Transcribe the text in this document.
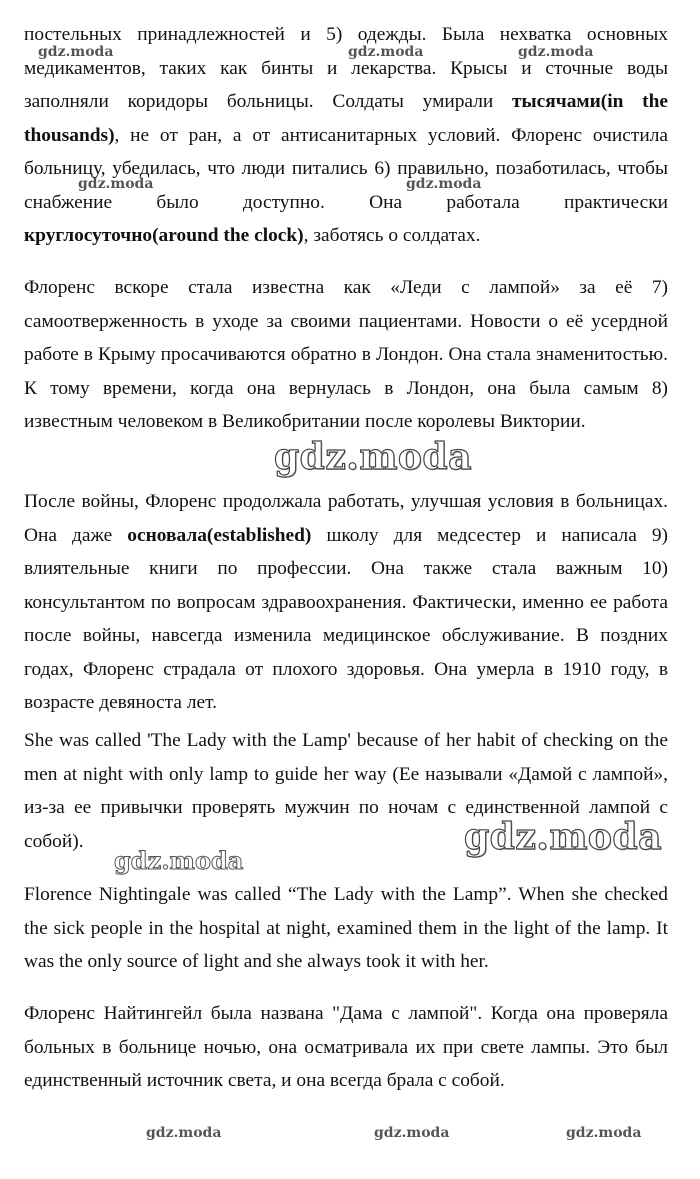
постельных принадлежностей и 5) одежды. Была нехватка основных медикаментов, таких как бинты и лекарства. Крысы и сточные воды заполняли коридоры больницы. Солдаты умирали тысячами(in the thousands), не от ран, а от антисанитарных условий. Флоренс очистила больницу, убедилась, что люди питались 6) правильно, позаботилась, чтобы снабжение было доступно. Она работала практически круглосуточно(around the clock), заботясь о солдатах.

Флоренс вскоре стала известна как «Леди с лампой» за её 7) самоотверженность в уходе за своими пациентами. Новости о её усердной работе в Крыму просачиваются обратно в Лондон. Она стала знаменитостью. К тому времени, когда она вернулась в Лондон, она была самым 8) известным человеком в Великобритании после королевы Виктории.

После войны, Флоренс продолжала работать, улучшая условия в больницах. Она даже основала(established) школу для медсестер и написала 9) влиятельные книги по профессии. Она также стала важным 10) консультантом по вопросам здравоохранения. Фактически, именно ее работа после войны, навсегда изменила медицинское обслуживание. В поздних годах, Флоренс страдала от плохого здоровья. Она умерла в 1910 году, в возрасте девяноста лет.

She was called 'The Lady with the Lamp' because of her habit of checking on the men at night with only lamp to guide her way (Ее называли «Дамой с лампой», из-за ее привычки проверять мужчин по ночам с единственной лампой с собой).

Florence Nightingale was called “The Lady with the Lamp”. When she checked the sick people in the hospital at night, examined them in the light of the lamp. It was the only source of light and she always took it with her.

Флоренс Найтингейл была названа "Дама с лампой". Когда она проверяла больных в больнице ночью, она осматривала их при свете лампы. Это был единственный источник света, и она всегда брала с собой.

gdz.moda	gdz.moda	gdz.moda
gdz.moda	gdz.moda
gdz.moda
gdz.moda
gdz.moda
gdz.moda	gdz.moda	gdz.moda
